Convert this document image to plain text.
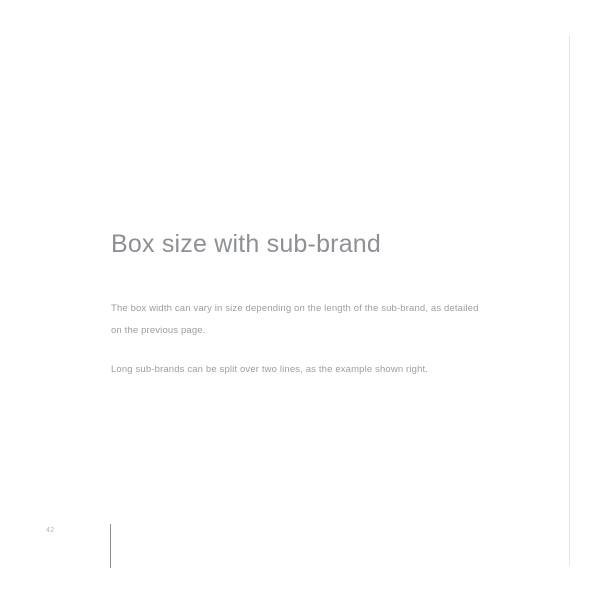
Box size with sub-brand

The box width can vary in size depending on the length of the sub-brand, as detailed on the previous page.

Long sub-brands can be split over two lines, as the example shown right.

42
